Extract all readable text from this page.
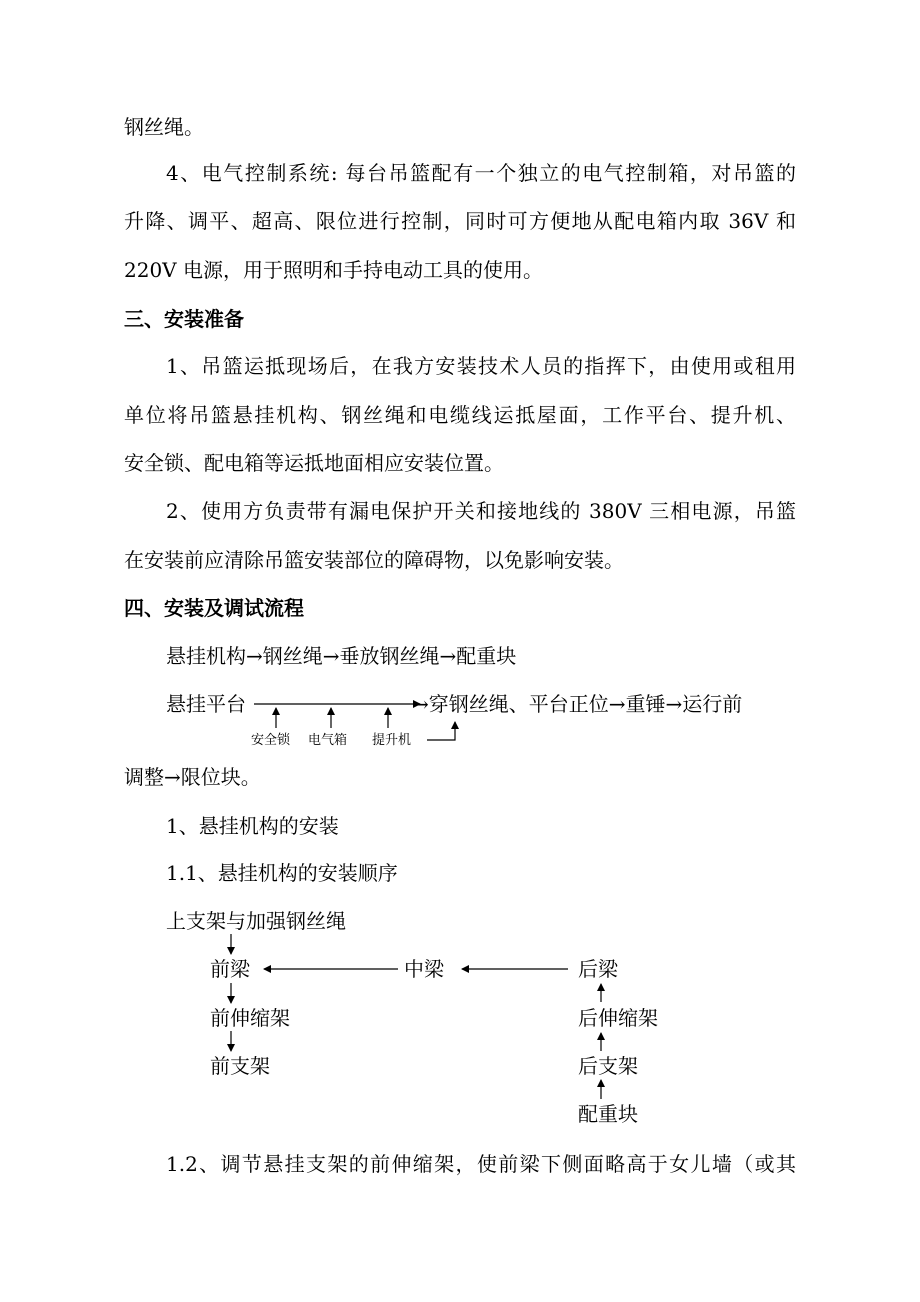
钢丝绳。
4、电气控制系统: 每台吊篮配有一个独立的电气控制箱，对吊篮的
升降、调平、超高、限位进行控制，同时可方便地从配电箱内取 36V 和
220V 电源，用于照明和手持电动工具的使用。
三、安装准备
1、吊篮运抵现场后，在我方安装技术人员的指挥下，由使用或租用
单位将吊篮悬挂机构、钢丝绳和电缆线运抵屋面，工作平台、提升机、
安全锁、配电箱等运抵地面相应安装位置。
2、使用方负责带有漏电保护开关和接地线的 380V 三相电源，吊篮
在安装前应清除吊篮安装部位的障碍物，以免影响安装。
四、安装及调试流程
悬挂机构→钢丝绳→垂放钢丝绳→配重块
悬挂平台	→穿钢丝绳、平台正位→重锤→运行前
安全锁 电气箱 提升机
调整→限位块。
1、悬挂机构的安装
1.1、悬挂机构的安装顺序
上支架与加强钢丝绳
前梁	中梁	后梁
前伸缩架	后伸缩架
前支架	后支架
配重块
1.2、调节悬挂支架的前伸缩架，使前梁下侧面略高于女儿墙（或其
